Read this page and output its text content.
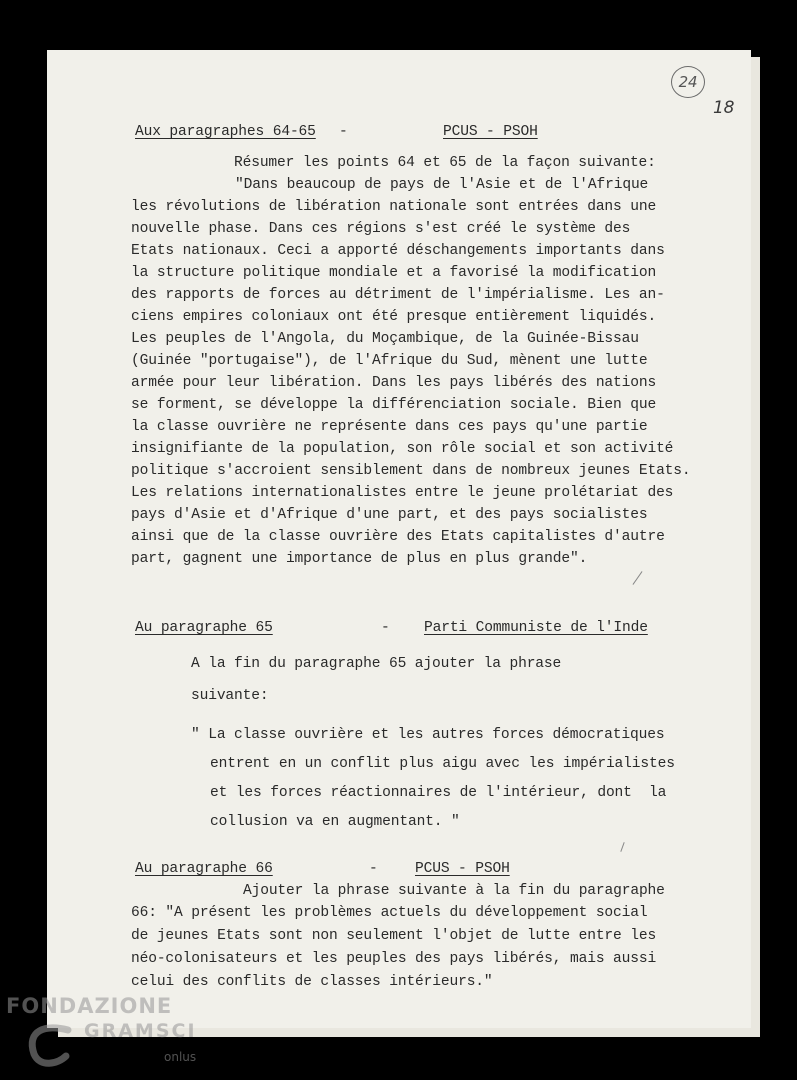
24
18
Aux paragraphes 64-65 -	PCUS - PSOH
Résumer les points 64 et 65 de la façon suivante:
"Dans beaucoup de pays de l'Asie et de l'Afrique
les révolutions de libération nationale sont entrées dans une
nouvelle phase. Dans ces régions s'est créé le système des
Etats nationaux. Ceci a apporté déschangements importants dans
la structure politique mondiale et a favorisé la modification
des rapports de forces au détriment de l'impérialisme. Les an-
ciens empires coloniaux ont été presque entièrement liquidés.
Les peuples de l'Angola, du Moçambique, de la Guinée-Bissau
(Guinée "portugaise"), de l'Afrique du Sud, mènent une lutte
armée pour leur libération. Dans les pays libérés des nations
se forment, se développe la différenciation sociale. Bien que
la classe ouvrière ne représente dans ces pays qu'une partie
insignifiante de la population, son rôle social et son activité
politique s'accroient sensiblement dans de nombreux jeunes Etats.
Les relations internationalistes entre le jeune prolétariat des
pays d'Asie et d'Afrique d'une part, et des pays socialistes
ainsi que de la classe ouvrière des Etats capitalistes d'autre
part, gagnent une importance de plus en plus grande".
Au paragraphe 65	- Parti Communiste de l'Inde
A la fin du paragraphe 65 ajouter la phrase
suivante:
" La classe ouvrière et les autres forces démocratiques
entrent en un conflit plus aigu avec les impérialistes
et les forces réactionnaires de l'intérieur, dont  la
collusion va en augmentant. "
Au paragraphe 66	-	PCUS - PSOH
Ajouter la phrase suivante à la fin du paragraphe
66: "A présent les problèmes actuels du développement social
de jeunes Etats sont non seulement l'objet de lutte entre les
néo-colonisateurs et les peuples des pays libérés, mais aussi
celui des conflits de classes intérieurs."
FONDAZIONE
GRAMSCI
onlus
